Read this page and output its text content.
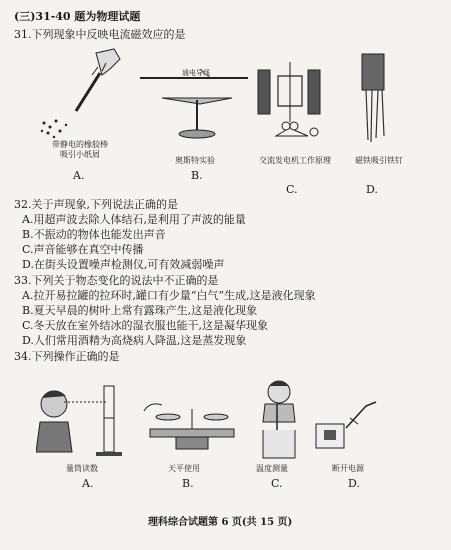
(三)31-40 题为物理试题
31.下列现象中反映电流磁效应的是
带静电的橡胶棒
吸引小纸屑
A.
通电导线
奥斯特实验
B.
交流发电机工作原理
C.
磁铁吸引铁钉
D.
32.关于声现象,下列说法正确的是
A.用超声波去除人体结石,是利用了声波的能量
B.不振动的物体也能发出声音
C.声音能够在真空中传播
D.在街头设置噪声检测仪,可有效减弱噪声
33.下列关于物态变化的说法中不正确的是
A.拉开易拉罐的拉环时,罐口有少量“白气”生成,这是液化现象
B.夏天早晨的树叶上常有露珠产生,这是液化现象
C.冬天放在室外结冰的湿衣服也能干,这是凝华现象
D.人们常用酒精为高烧病人降温,这是蒸发现象
34.下列操作正确的是
量筒读数
A.
天平使用
B.
温度测量
C.
断开电源
D.
理科综合试题第 6 页(共 15 页)
